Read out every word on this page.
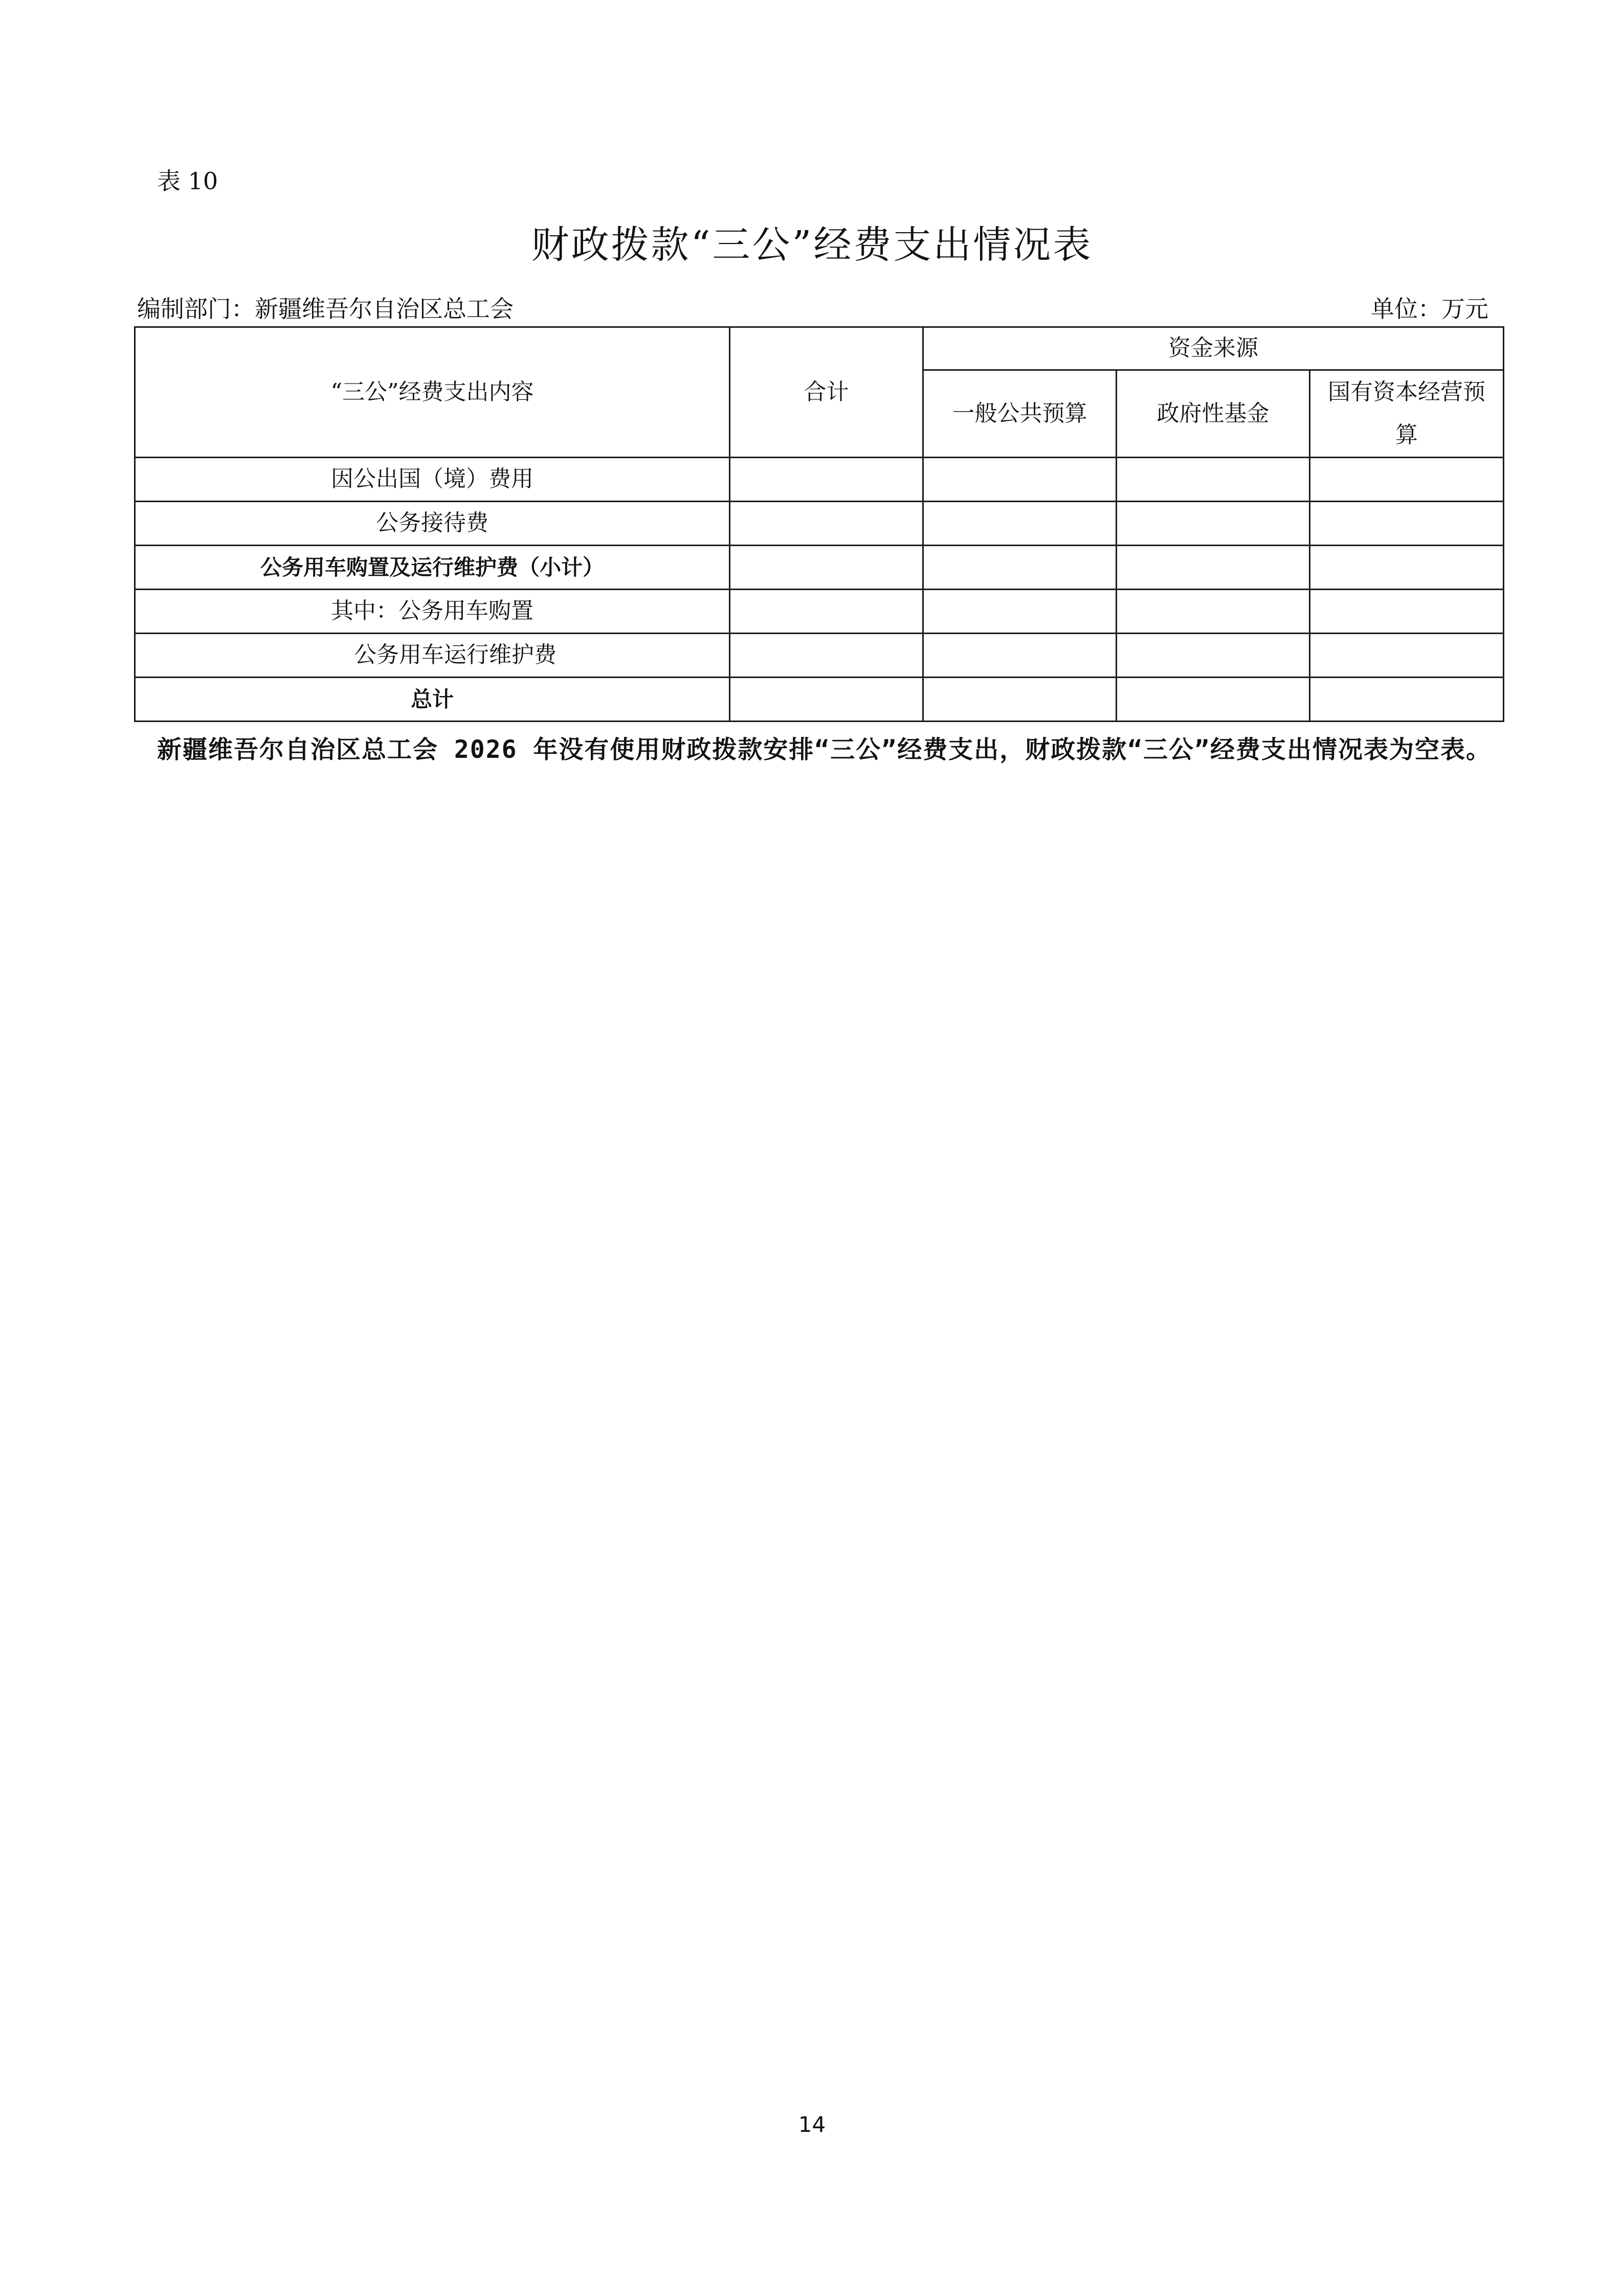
表 10
财政拨款“三公”经费支出情况表
编制部门：新疆维吾尔自治区总工会	单位：万元
“三公”经费支出内容	合计	资金来源		
		一般公共预算	政府性基金	国有资本经营预算
因公出国（境）费用				
公务接待费				
公务用车购置及运行维护费（小计）				
其中：公务用车购置				
公务用车运行维护费				
总计				
新疆维吾尔自治区总工会 2026 年没有使用财政拨款安排“三公”经费支出，财政拨款“三公”经费支出情况表为空表。
14
